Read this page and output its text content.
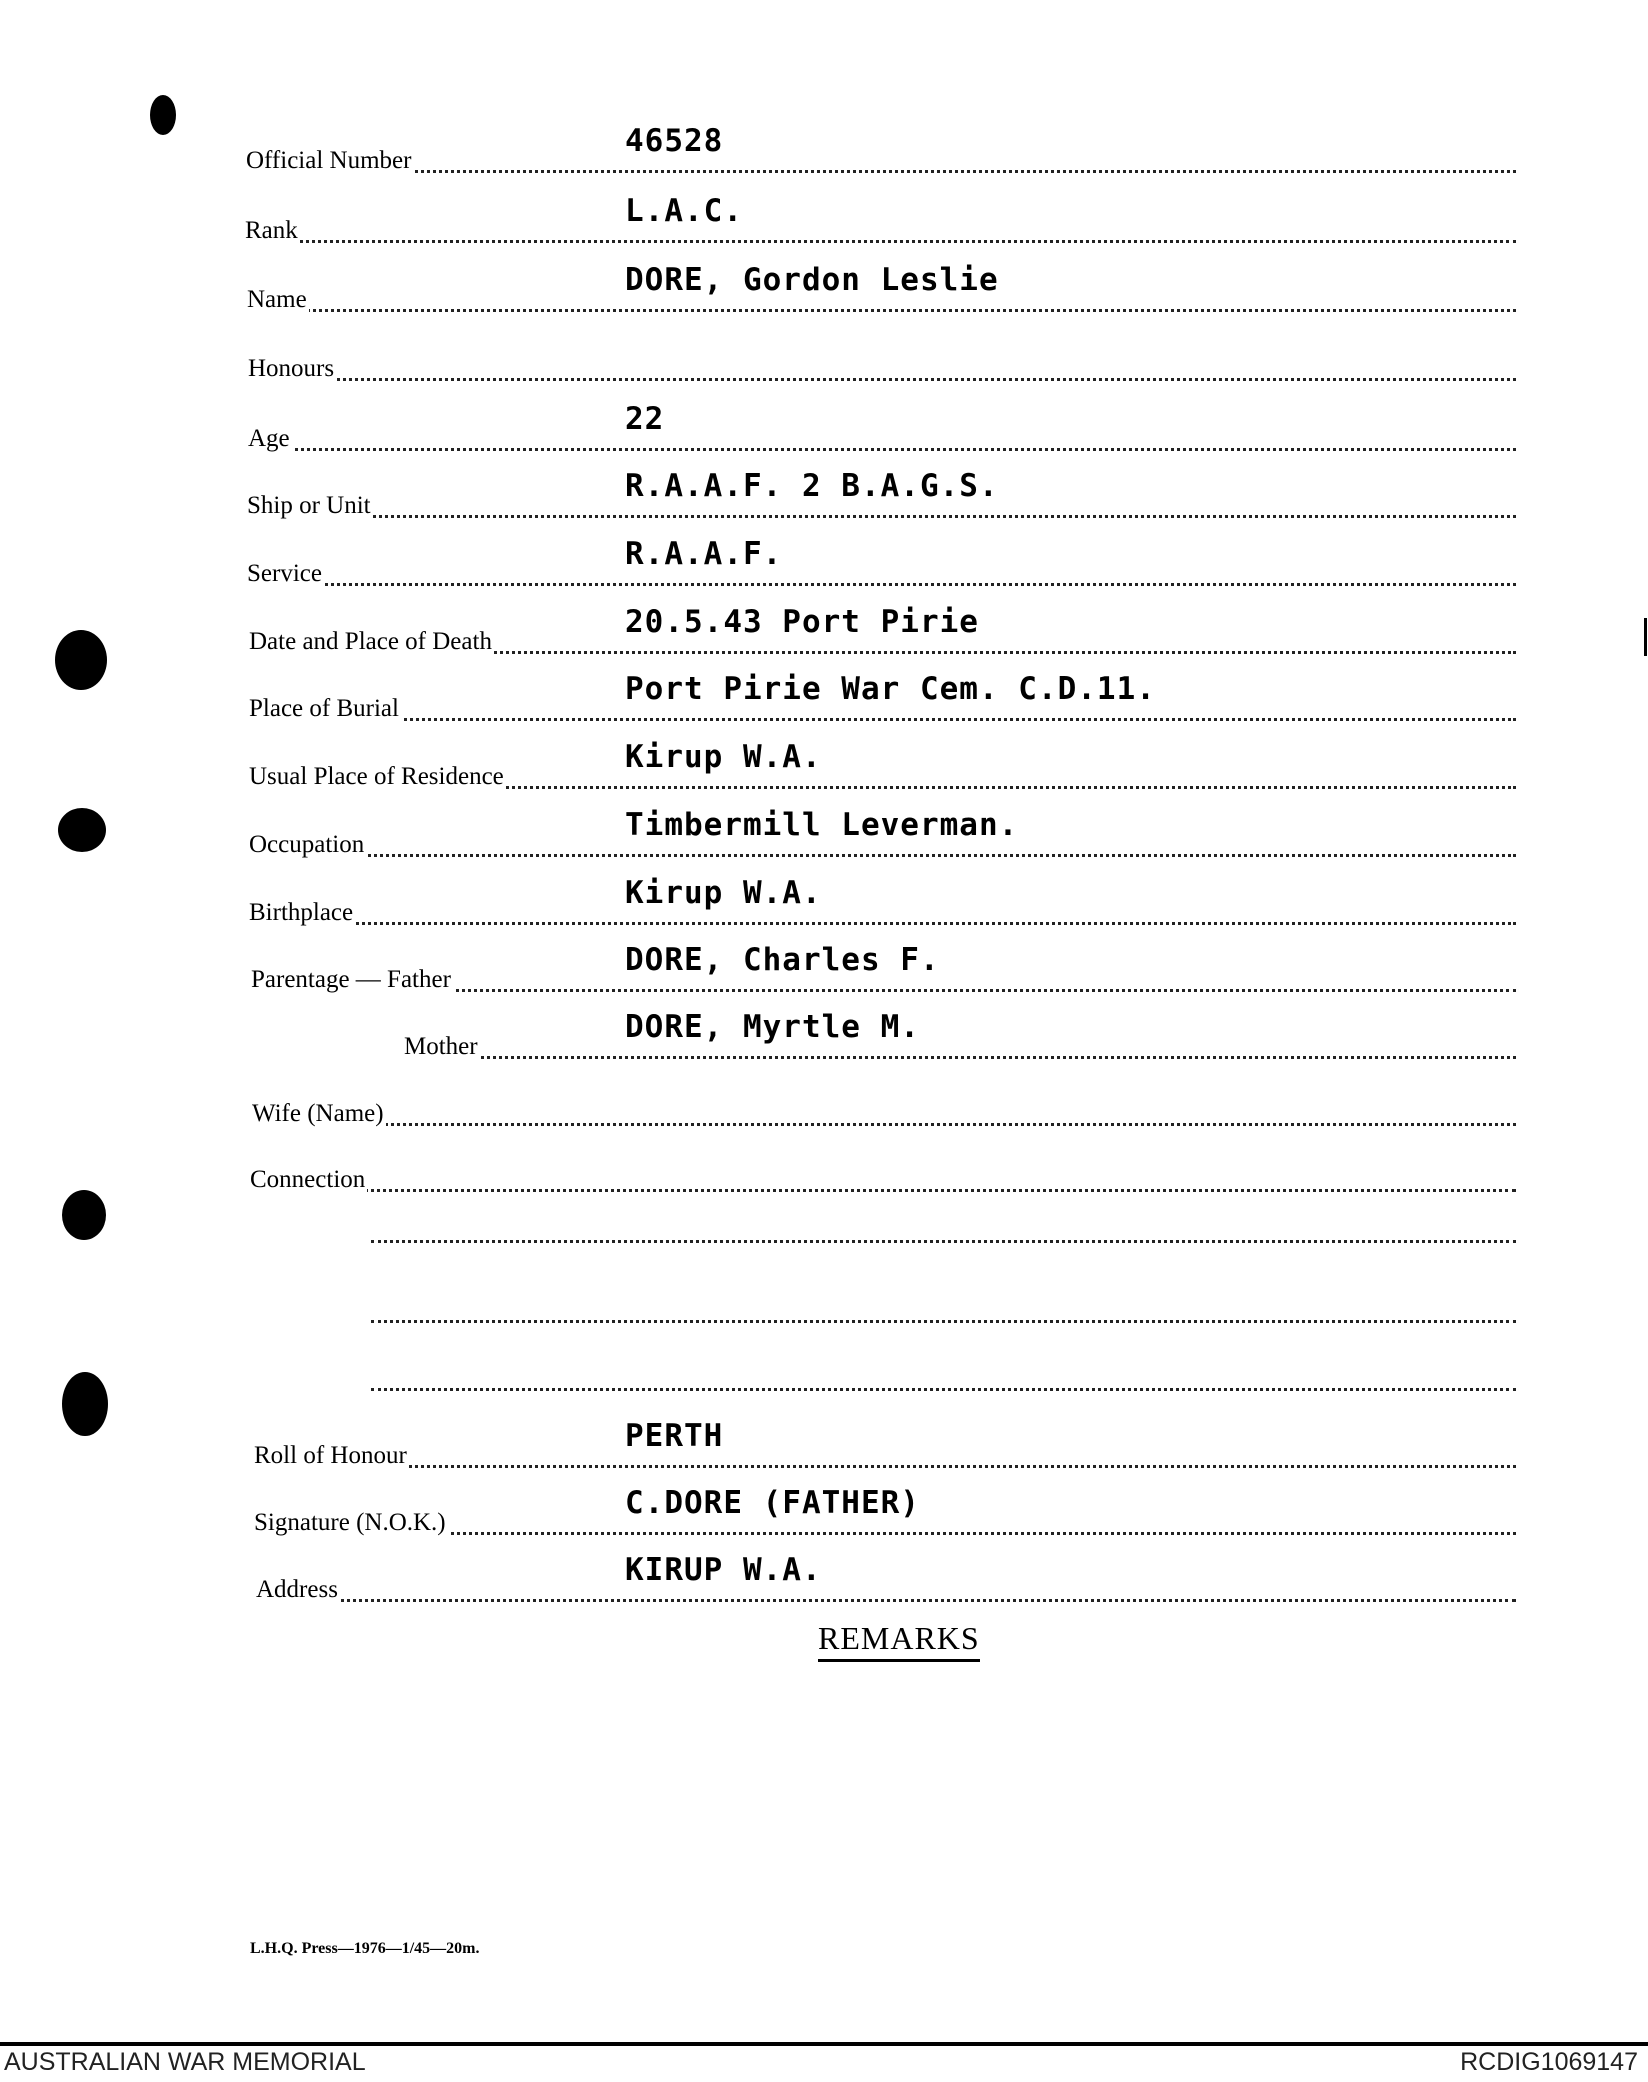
46528
Official Number
L.A.C.
Rank
DORE, Gordon Leslie
Name
Honours
22
Age
R.A.A.F. 2 B.A.G.S.
Ship or Unit
R.A.A.F.
Service
20.5.43 Port Pirie
Date and Place of Death
Port Pirie War Cem. C.D.11.
Place of Burial
Kirup W.A.
Usual Place of Residence
Timbermill Leverman.
Occupation
Kirup W.A.
Birthplace
DORE, Charles F.
Parentage — Father
DORE, Myrtle M.
Mother
Wife (Name)
Connection
PERTH
Roll of Honour
C.DORE (FATHER)
Signature (N.O.K.)
KIRUP W.A.
Address
REMARKS
L.H.Q. Press—1976—1/45—20m.
AUSTRALIAN WAR MEMORIAL	RCDIG1069147
